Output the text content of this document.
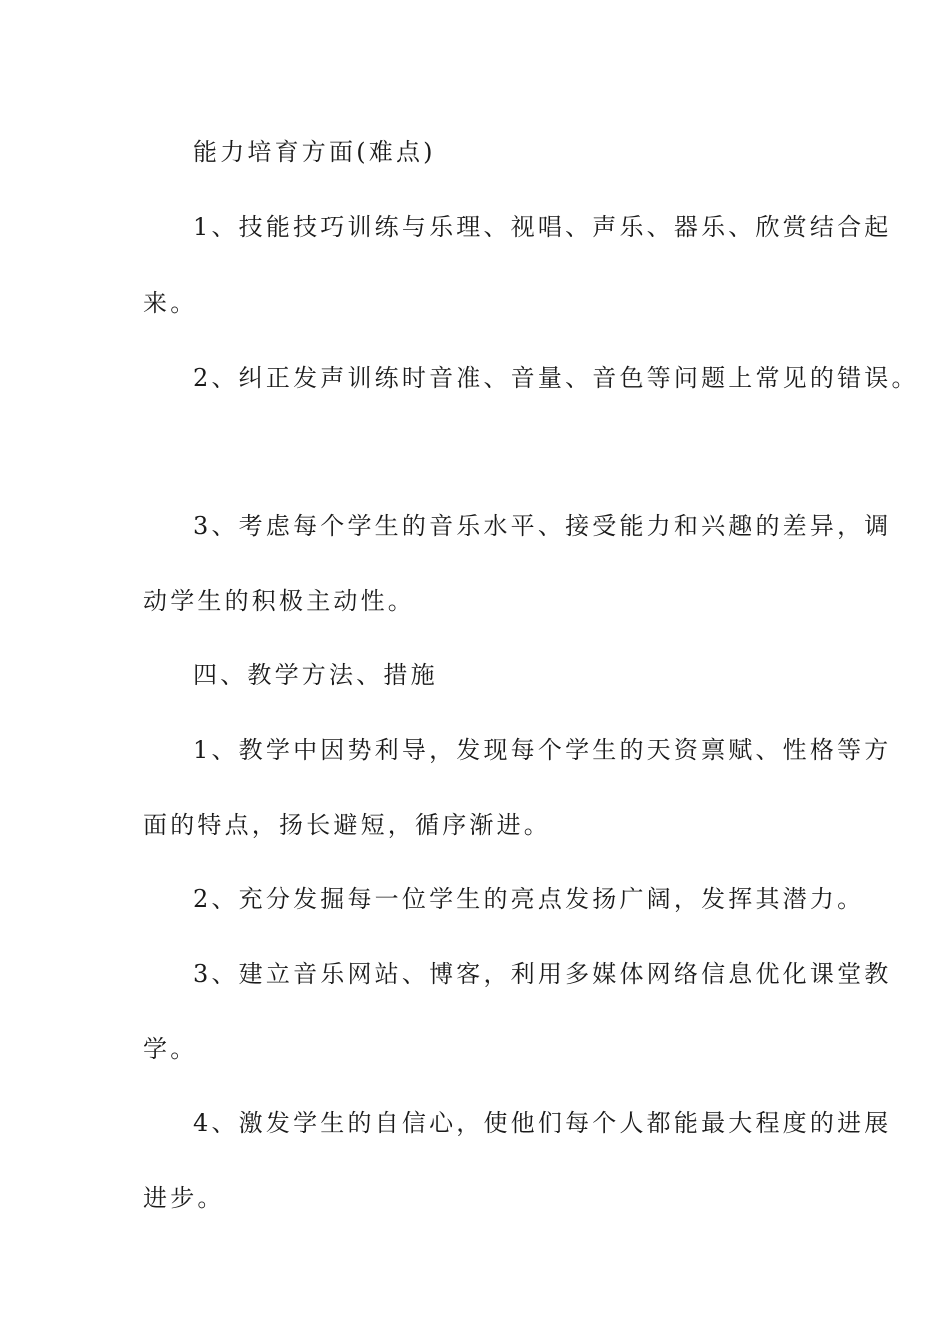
能力培育方面(难点)
1、技能技巧训练与乐理、视唱、声乐、器乐、欣赏结合起
来。
2、纠正发声训练时音准、音量、音色等问题上常见的错误。
3、考虑每个学生的音乐水平、接受能力和兴趣的差异，调
动学生的积极主动性。
四、教学方法、措施
1、教学中因势利导，发现每个学生的天资禀赋、性格等方
面的特点，扬长避短，循序渐进。
2、充分发掘每一位学生的亮点发扬广阔，发挥其潜力。
3、建立音乐网站、博客，利用多媒体网络信息优化课堂教
学。
4、激发学生的自信心，使他们每个人都能最大程度的进展
进步。
